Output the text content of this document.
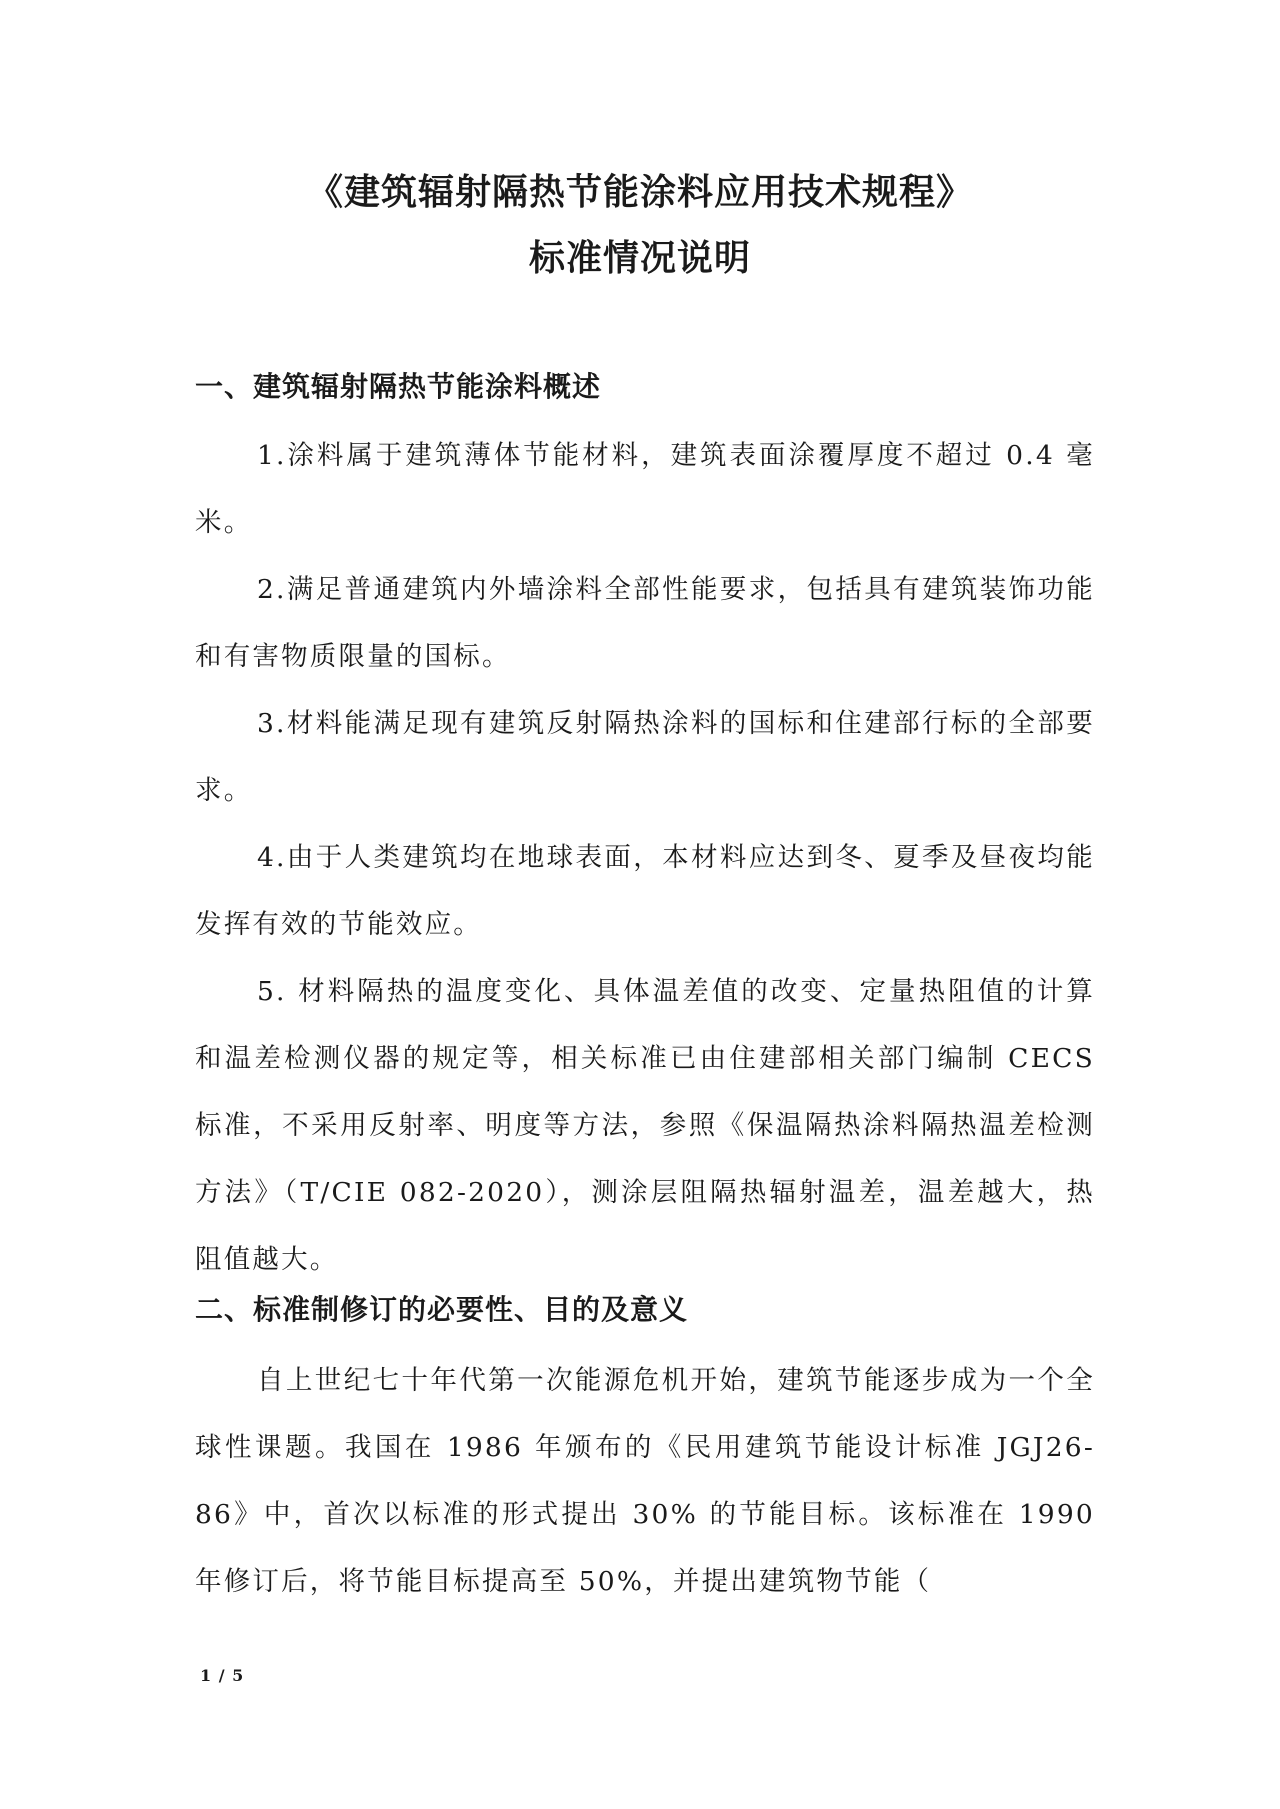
《建筑辐射隔热节能涂料应用技术规程》
标准情况说明
一、建筑辐射隔热节能涂料概述

1.涂料属于建筑薄体节能材料，建筑表面涂覆厚度不超过 0.4 毫米。

2.满足普通建筑内外墙涂料全部性能要求，包括具有建筑装饰功能 和有害物质限量的国标。

3.材料能满足现有建筑反射隔热涂料的国标和住建部行标的全部要求。

4.由于人类建筑均在地球表面，本材料应达到冬、夏季及昼夜均能发挥有效的节能效应。

5. 材料隔热的温度变化、具体温差值的改变、定量热阻值的计算和温差检测仪器的规定等，相关标准已由住建部相关部门编制 CECS 标准，不采用反射率、明度等方法，参照《保温隔热涂料隔热温差检测方法》（T/CIE 082-2020），测涂层阻隔热辐射温差，温差越大，热阻值越大。

二、标准制修订的必要性、目的及意义

自上世纪七十年代第一次能源危机开始，建筑节能逐步成为一个全球性课题。我国在 1986 年颁布的《民用建筑节能设计标准 JGJ26-86》中，首次以标准的形式提出 30% 的节能目标。该标准在 1990 年修订后，将节能目标提高至 50%，并提出建筑物节能（

1 / 5
